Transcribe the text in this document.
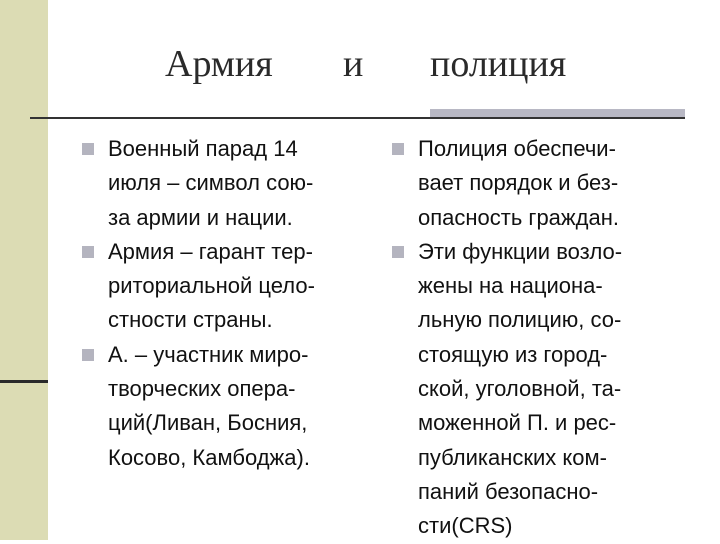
Армия и полиция
Военный парад 14
июля – символ сою-
за армии и нации.
Армия – гарант тер-
риториальной цело-
стности страны.
А. – участник миро-
творческих опера-
ций(Ливан, Босния,
Косово, Камбоджа).
Полиция обеспечи-
вает порядок и без-
опасность граждан.
Эти функции возло-
жены на национа-
льную полицию, со-
стоящую из город-
ской, уголовной, та-
моженной П. и рес-
публиканских ком-
паний безопасно-
сти(CRS)
